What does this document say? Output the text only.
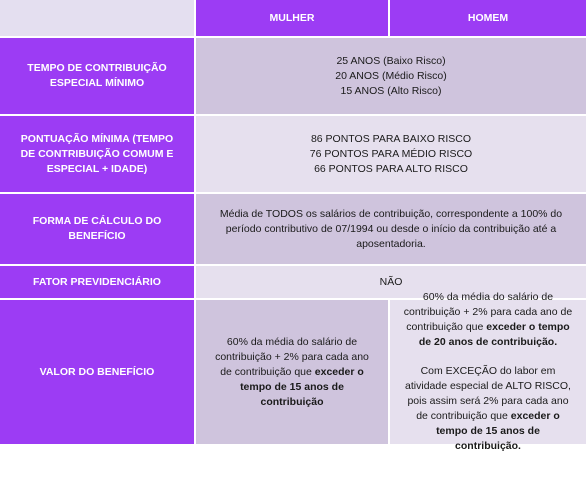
MULHER	HOMEM
TEMPO DE CONTRIBUIÇÃO ESPECIAL MÍNIMO
25 ANOS (Baixo Risco)
20 ANOS (Médio Risco)
15 ANOS (Alto Risco)
PONTUAÇÃO MÍNIMA (TEMPO DE CONTRIBUIÇÃO COMUM E ESPECIAL + IDADE)
86 PONTOS PARA BAIXO RISCO
76 PONTOS PARA MÉDIO RISCO
66 PONTOS PARA ALTO RISCO
FORMA DE CÁLCULO DO BENEFÍCIO
Média de TODOS os salários de contribuição, correspondente a 100% do período contributivo de 07/1994 ou desde o início da contribuição até a aposentadoria.
FATOR PREVIDENCIÁRIO	NÃO
VALOR DO BENEFÍCIO
60% da média do salário de contribuição + 2% para cada ano de contribuição que exceder o tempo de 15 anos de contribuição
60% da média do salário de contribuição + 2% para cada ano de contribuição que exceder o tempo de 20 anos de contribuição.
Com EXCEÇÃO do labor em atividade especial de ALTO RISCO, pois assim será 2% para cada ano de contribuição que exceder o tempo de 15 anos de contribuição.
